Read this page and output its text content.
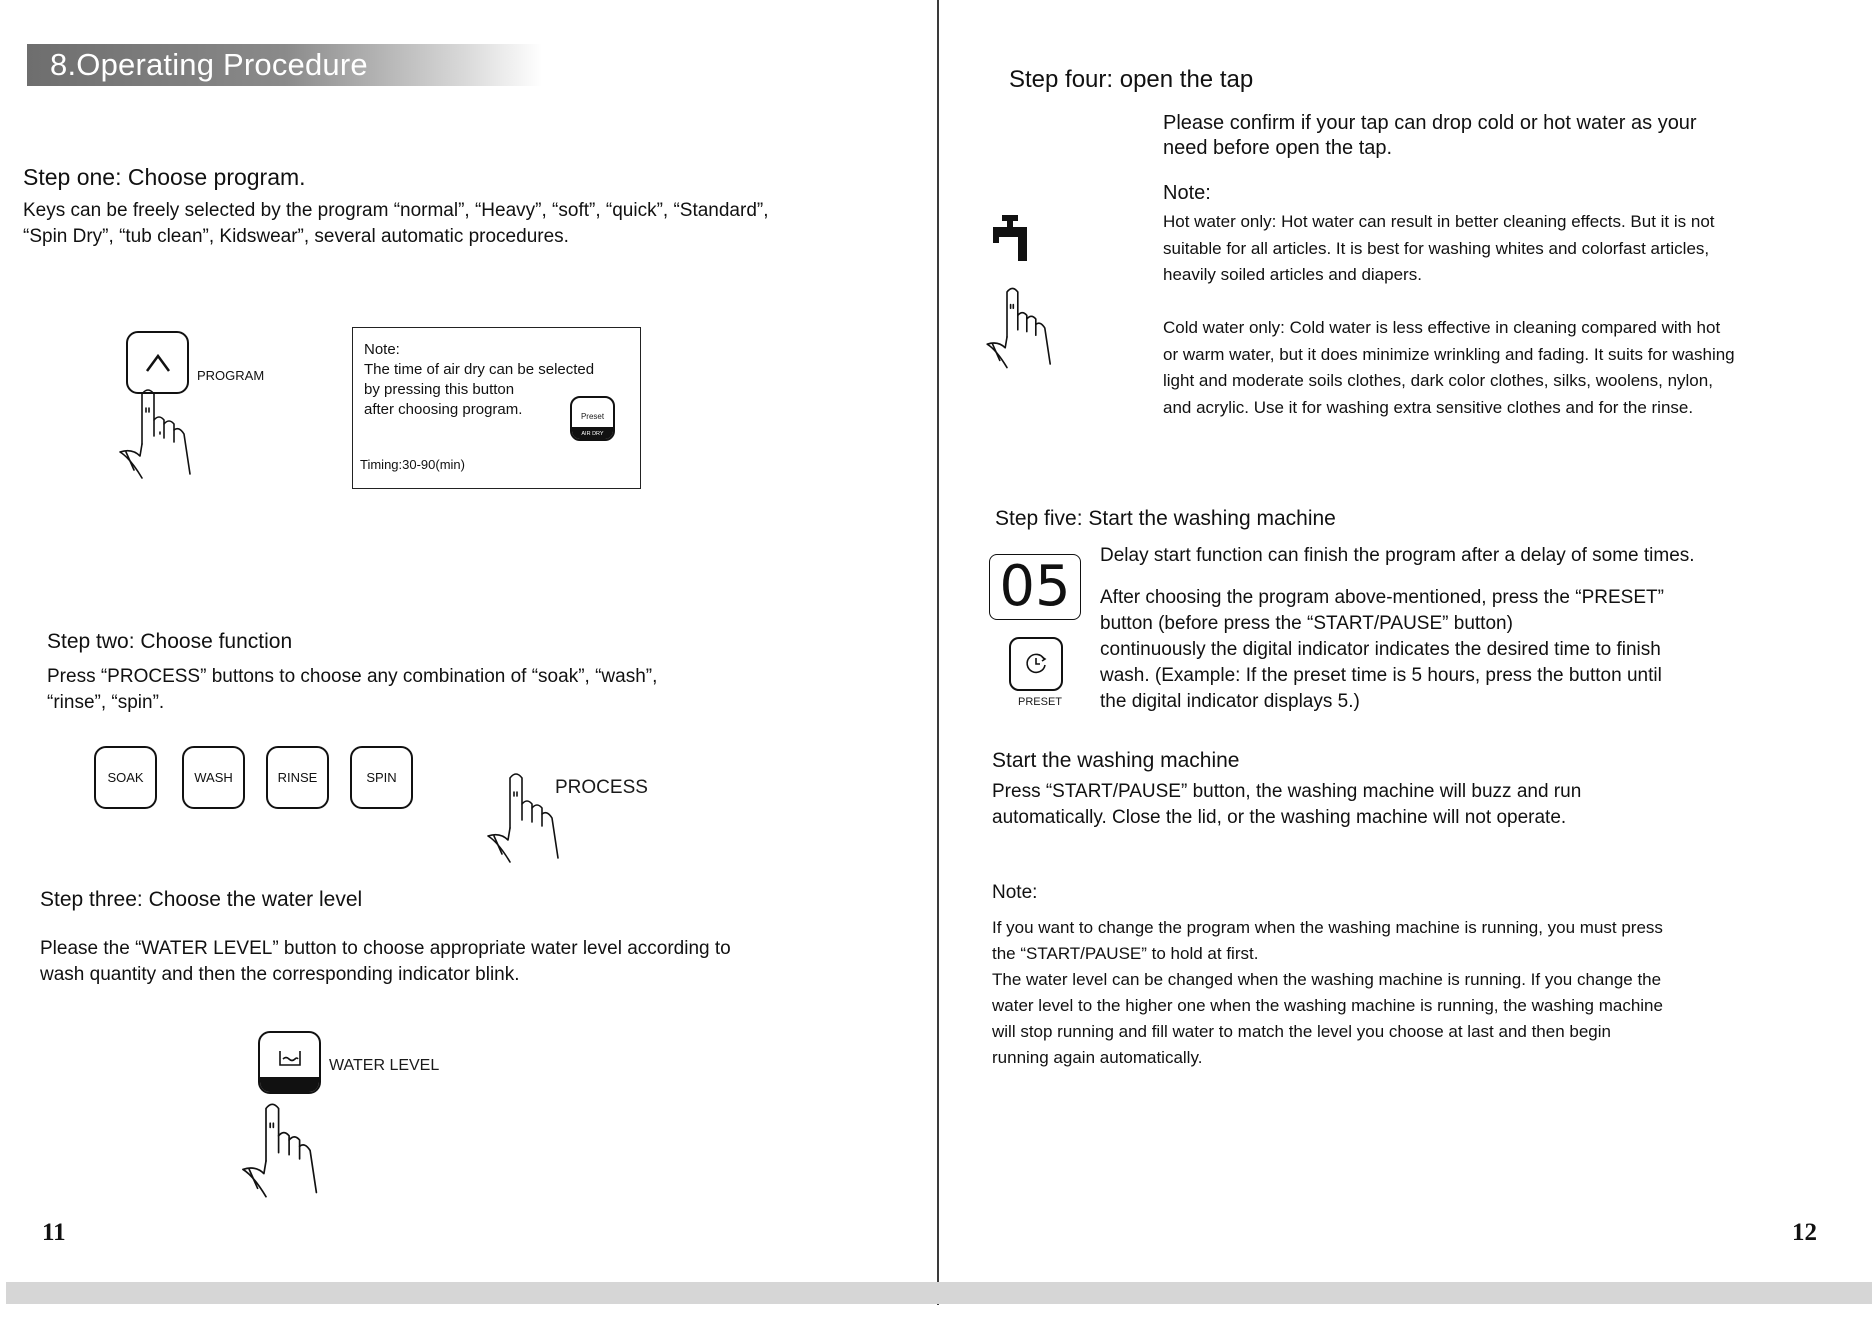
8.Operating Procedure
Step one: Choose program.
Keys can be freely selected by the program “normal”, “Heavy”, “soft”, “quick”, “Standard”,
“Spin Dry”, “tub clean”, Kidswear”, several automatic procedures.
PROGRAM
Note:
The time of air dry can be selected
by pressing this button
after choosing program.
Timing:30-90(min)
Preset
AIR DRY
Step two: Choose function
Press “PROCESS” buttons to choose any combination of “soak”, “wash”,
“rinse”, “spin”.
SOAK	WASH	RINSE	SPIN	PROCESS
Step three: Choose the water level
Please the “WATER LEVEL” button to choose appropriate water level according to
wash quantity and then the corresponding indicator blink.
WATER LEVEL
11
Step four: open the tap
Please confirm if your tap can drop cold or hot water as your
need before open the tap.
Note:
Hot water only: Hot water can result in better cleaning effects. But it is not
suitable for all articles. It is best for washing whites and colorfast articles,
heavily soiled articles and diapers.
Cold water only: Cold water is less effective in cleaning compared with hot
or warm water, but it does minimize wrinkling and fading. It suits for washing
light and moderate soils clothes, dark color clothes, silks, woolens, nylon,
and acrylic. Use it for washing extra sensitive clothes and for the rinse.
Step five: Start the washing machine
05
PRESET
Delay start function can finish the program after a delay of some times.
After choosing the program above-mentioned, press the “PRESET”
button (before press the “START/PAUSE” button)
continuously the digital indicator indicates the desired time to finish
wash. (Example: If the preset time is 5 hours, press the button until
the digital indicator displays 5.)
Start the washing machine
Press “START/PAUSE” button, the washing machine will buzz and run
automatically. Close the lid, or the washing machine will not operate.
Note:
If you want to change the program when the washing machine is running, you must press
the “START/PAUSE” to hold at first.
The water level can be changed when the washing machine is running. If you change the
water level to the higher one when the washing machine is running, the washing machine
will stop running and fill water to match the level you choose at last and then begin
running again automatically.
12
